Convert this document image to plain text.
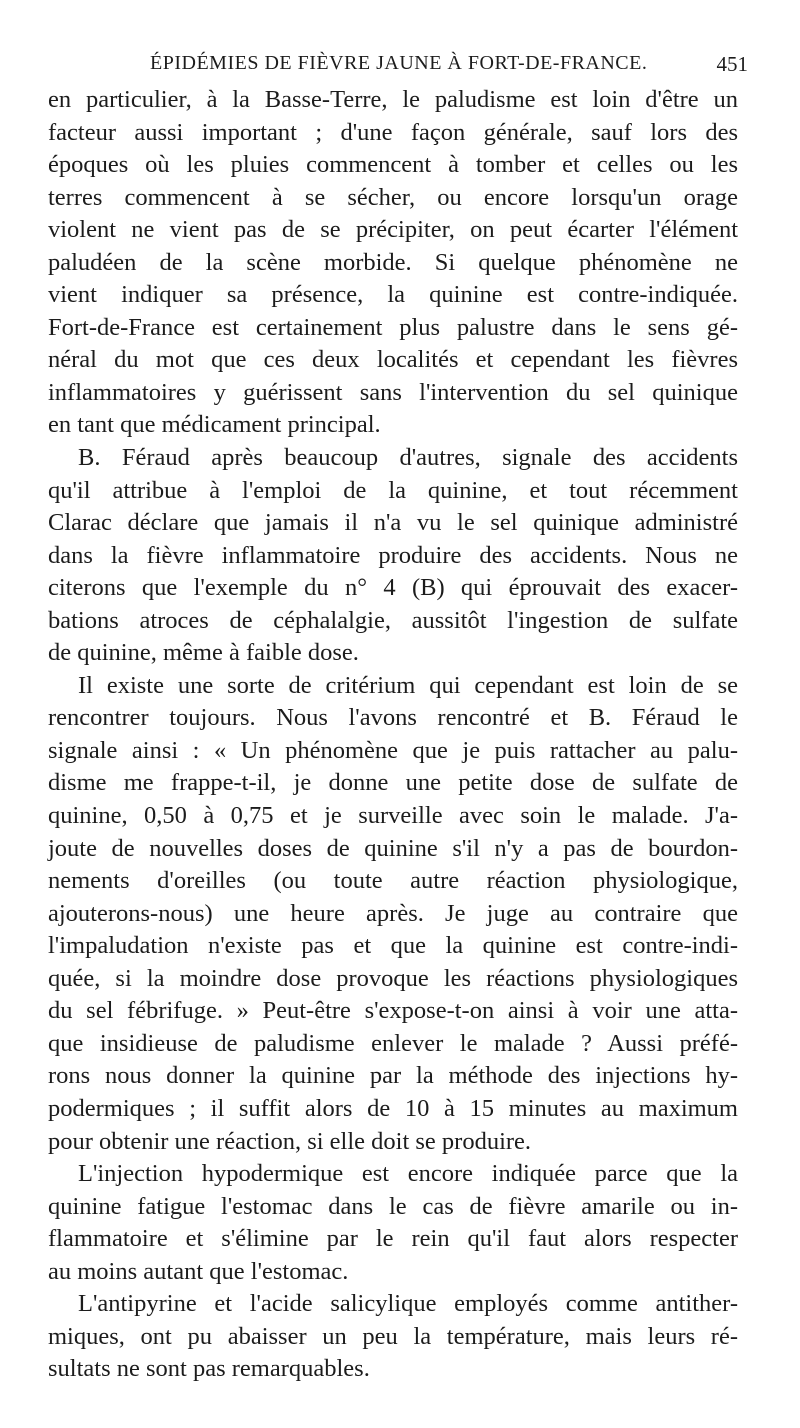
ÉPIDÉMIES DE FIÈVRE JAUNE À FORT-DE-FRANCE.	451
en particulier, à la Basse-Terre, le paludisme est loin d'être un
facteur aussi important ; d'une façon générale, sauf lors des
époques où les pluies commencent à tomber et celles ou les
terres commencent à se sécher, ou encore lorsqu'un orage
violent ne vient pas de se précipiter, on peut écarter l'élément
paludéen de la scène morbide. Si quelque phénomène ne
vient indiquer sa présence, la quinine est contre-indiquée.
Fort-de-France est certainement plus palustre dans le sens gé-
néral du mot que ces deux localités et cependant les fièvres
inflammatoires y guérissent sans l'intervention du sel quinique
en tant que médicament principal.
B. Féraud après beaucoup d'autres, signale des accidents
qu'il attribue à l'emploi de la quinine, et tout récemment
Clarac déclare que jamais il n'a vu le sel quinique administré
dans la fièvre inflammatoire produire des accidents. Nous ne
citerons que l'exemple du n° 4 (B) qui éprouvait des exacer-
bations atroces de céphalalgie, aussitôt l'ingestion de sulfate
de quinine, même à faible dose.
Il existe une sorte de critérium qui cependant est loin de se
rencontrer toujours. Nous l'avons rencontré et B. Féraud le
signale ainsi : « Un phénomène que je puis rattacher au palu-
disme me frappe-t-il, je donne une petite dose de sulfate de
quinine, 0,50 à 0,75 et je surveille avec soin le malade. J'a-
joute de nouvelles doses de quinine s'il n'y a pas de bourdon-
nements d'oreilles (ou toute autre réaction physiologique,
ajouterons-nous) une heure après. Je juge au contraire que
l'impaludation n'existe pas et que la quinine est contre-indi-
quée, si la moindre dose provoque les réactions physiologiques
du sel fébrifuge. » Peut-être s'expose-t-on ainsi à voir une atta-
que insidieuse de paludisme enlever le malade ? Aussi préfé-
rons nous donner la quinine par la méthode des injections hy-
podermiques ; il suffit alors de 10 à 15 minutes au maximum
pour obtenir une réaction, si elle doit se produire.
L'injection hypodermique est encore indiquée parce que la
quinine fatigue l'estomac dans le cas de fièvre amarile ou in-
flammatoire et s'élimine par le rein qu'il faut alors respecter
au moins autant que l'estomac.
L'antipyrine et l'acide salicylique employés comme antither-
miques, ont pu abaisser un peu la température, mais leurs ré-
sultats ne sont pas remarquables.
